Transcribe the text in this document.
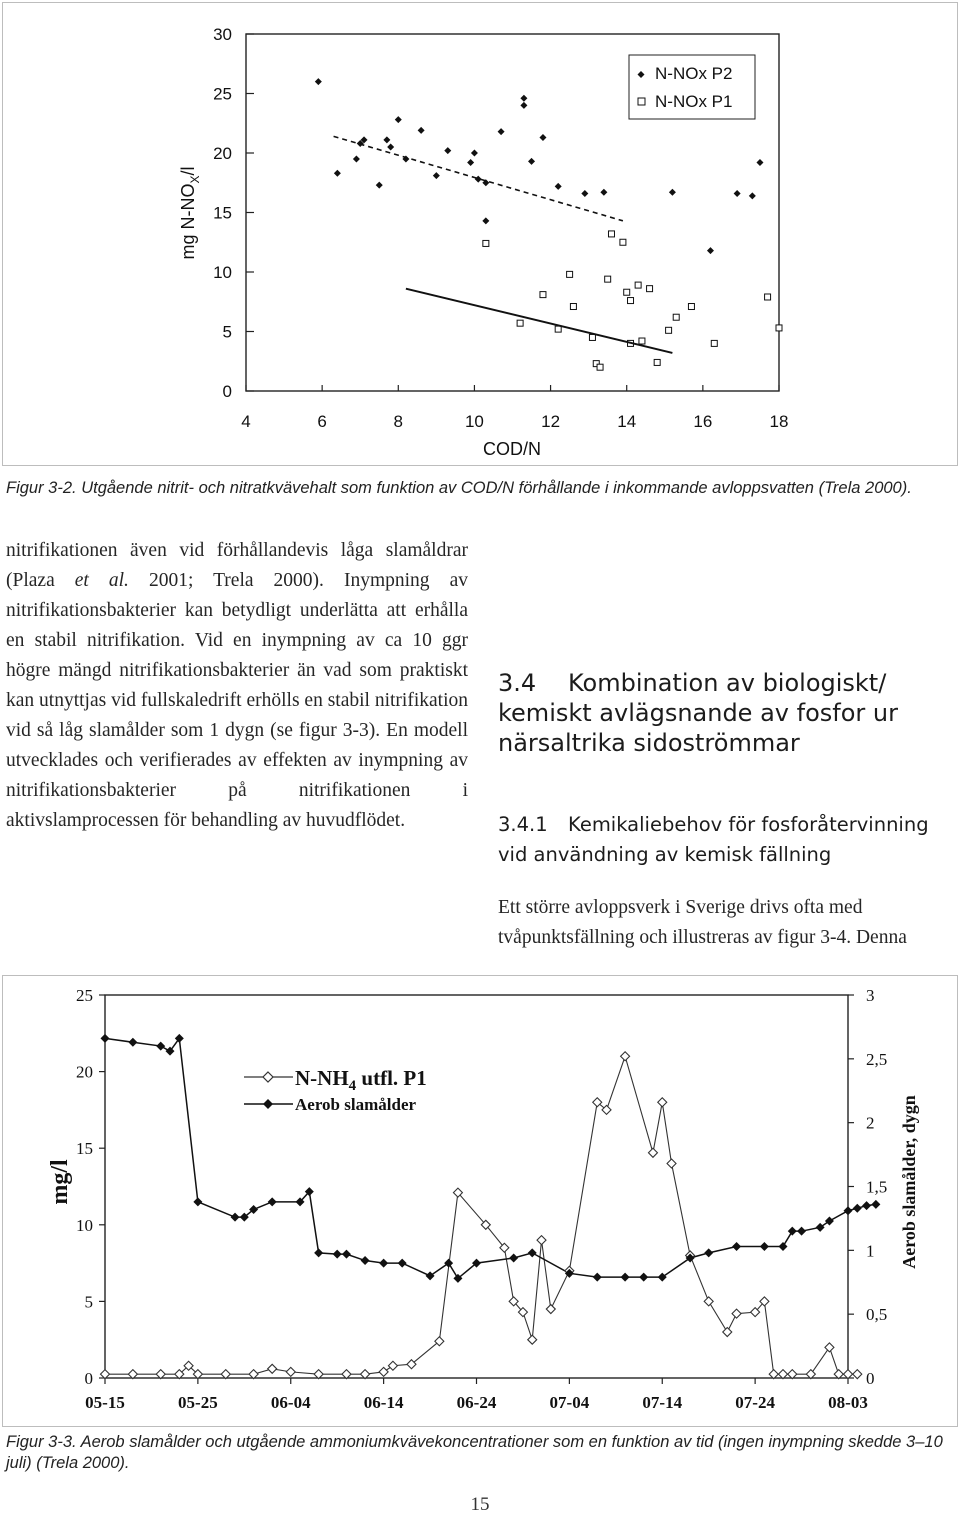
0
5
10
15
20
25
30
4	6	8	10	12	14	16	18
N-NOx P2
N-NOx P1
COD/N
mg $N-NO_X/l$
Figur 3-2. Utgående nitrit- och nitratkvävehalt som funktion av COD/N förhållande i inkommande avloppsvatten (Trela 2000).

nitrifikationen även vid förhållandevis låga slamåldrar (Plaza et al. 2001; Trela 2000). Inympning av nitrifikationsbakterier kan betydligt underlätta att erhålla en stabil nitrifikation. Vid en inympning av ca 10 ggr högre mängd nitrifikationsbakterier än vad som praktiskt kan utnyttjas vid fullskaledrift erhölls en stabil nitrifikation vid så låg slamålder som 1 dygn (se figur 3-3). En modell utvecklades och verifierades av effekten av inympning av nitrifikationsbakterier på nitrifikationen i aktivslamprocessen för behandling av huvudflödet.

3.4 Kombination av biologiskt/ kemiskt avlägsnande av fosfor ur närsaltrika sidoströmmar
3.4.1 Kemikaliebehov för fosforåtervinning vid användning av kemisk fällning

Ett större avloppsverk i Sverige drivs ofta med tvåpunktsfällning och illustreras av figur 3-4. Denna

0
5
10
15
20
25
0
0,5
1
1,5
2
2,5
3
05-15	05-25	06-04	06-14	06-24	07-04	07-14	07-24	08-03
$N-NH_4$ utfl. P1
Aerob slamålder
mg/l	Aerob slamålder, dygn
Figur 3-3. Aerob slamålder och utgående ammoniumkvävekoncentrationer som en funktion av tid (ingen inympning skedde 3–10 juli) (Trela 2000).
15
